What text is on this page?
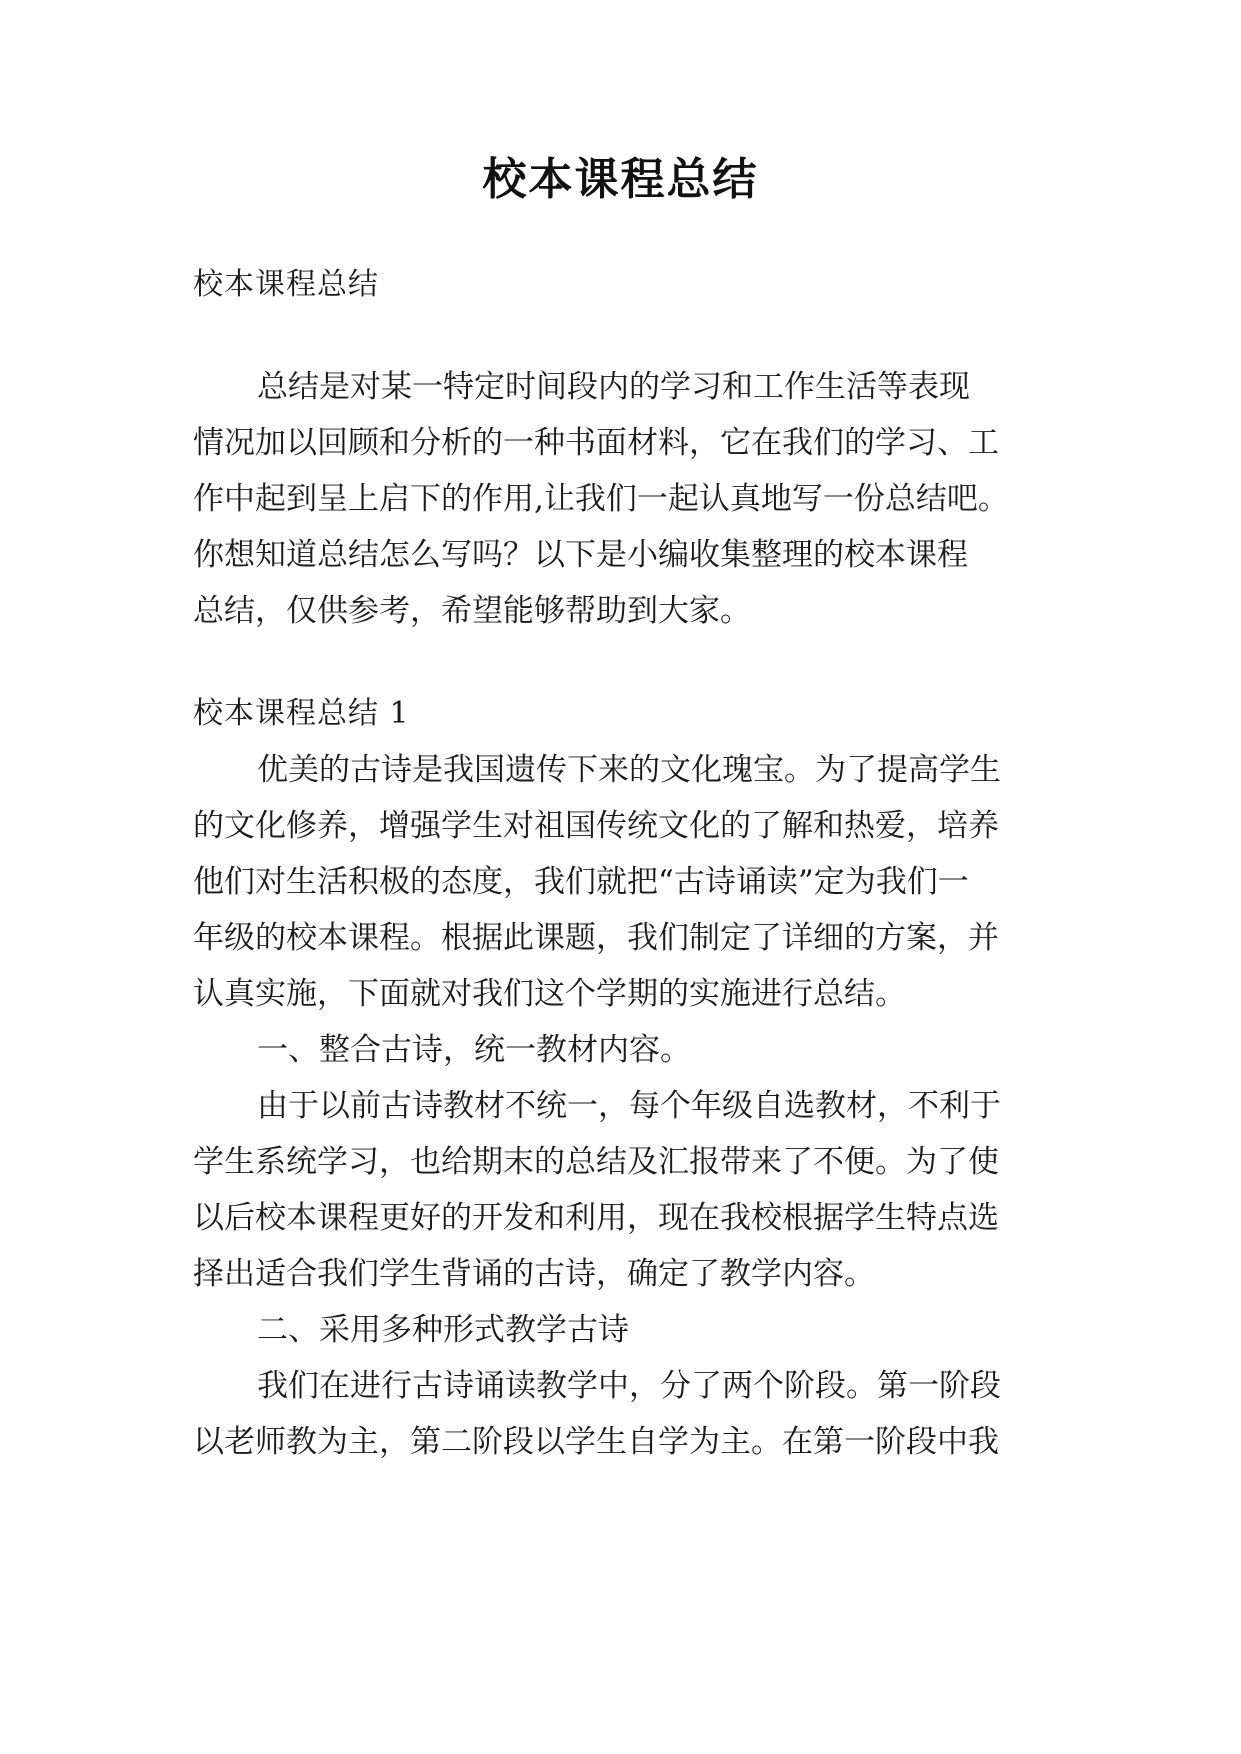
校本课程总结
校本课程总结
总结是对某一特定时间段内的学习和工作生活等表现
情况加以回顾和分析的一种书面材料，它在我们的学习、工
作中起到呈上启下的作用,让我们一起认真地写一份总结吧。
你想知道总结怎么写吗？以下是小编收集整理的校本课程
总结，仅供参考，希望能够帮助到大家。
校本课程总结 1
优美的古诗是我国遗传下来的文化瑰宝。为了提高学生
的文化修养，增强学生对祖国传统文化的了解和热爱，培养
他们对生活积极的态度，我们就把“古诗诵读”定为我们一
年级的校本课程。根据此课题，我们制定了详细的方案，并
认真实施，下面就对我们这个学期的实施进行总结。
一、整合古诗，统一教材内容。
由于以前古诗教材不统一，每个年级自选教材，不利于
学生系统学习，也给期末的总结及汇报带来了不便。为了使
以后校本课程更好的开发和利用，现在我校根据学生特点选
择出适合我们学生背诵的古诗，确定了教学内容。
二、采用多种形式教学古诗
我们在进行古诗诵读教学中，分了两个阶段。第一阶段
以老师教为主，第二阶段以学生自学为主。在第一阶段中我
